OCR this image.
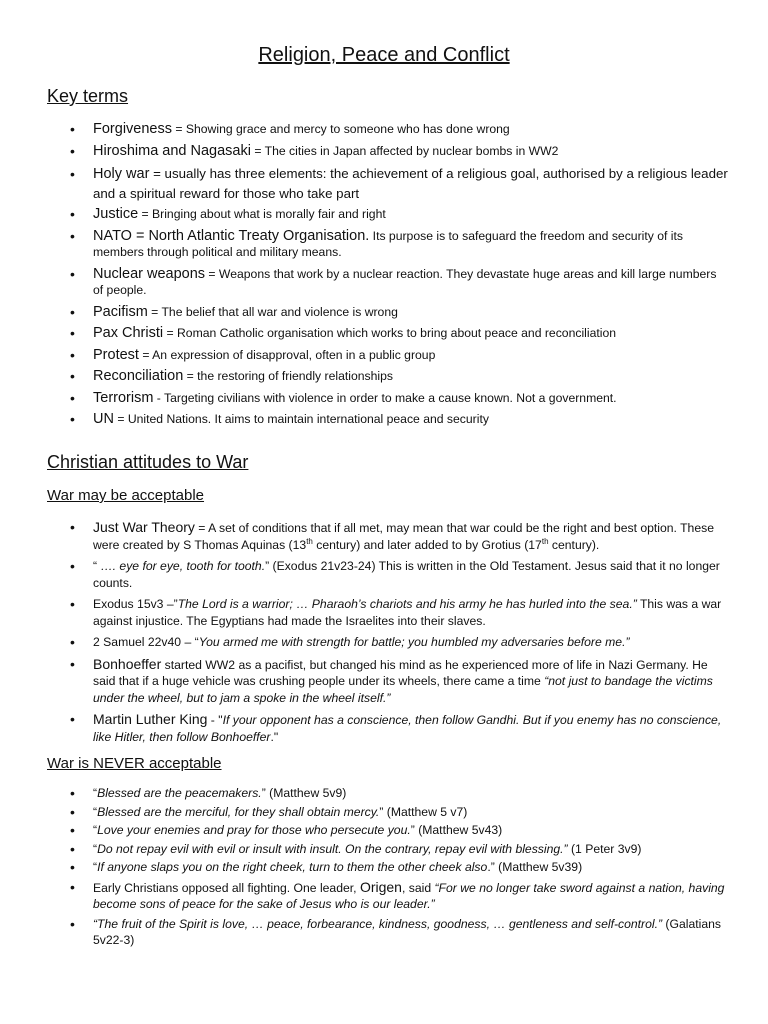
Religion, Peace and Conflict
Key terms
• Forgiveness = Showing grace and mercy to someone who has done wrong
• Hiroshima and Nagasaki = The cities in Japan affected by nuclear bombs in WW2
• Holy war = usually has three elements: the achievement of a religious goal, authorised by a religious leader and a spiritual reward for those who take part
• Justice = Bringing about what is morally fair and right
• NATO = North Atlantic Treaty Organisation. Its purpose is to safeguard the freedom and security of its members through political and military means.
• Nuclear weapons = Weapons that work by a nuclear reaction. They devastate huge areas and kill large numbers of people.
• Pacifism = The belief that all war and violence is wrong
• Pax Christi = Roman Catholic organisation which works to bring about peace and reconciliation
• Protest = An expression of disapproval, often in a public group
• Reconciliation = the restoring of friendly relationships
• Terrorism - Targeting civilians with violence in order to make a cause known. Not a government.
• UN = United Nations. It aims to maintain international peace and security
Christian attitudes to War
War may be acceptable
• Just War Theory = A set of conditions that if all met, may mean that war could be the right and best option. These were created by S Thomas Aquinas (13th century) and later added to by Grotius (17th century).
• “ …. eye for eye, tooth for tooth.” (Exodus 21v23-24) This is written in the Old Testament. Jesus said that it no longer counts.
• Exodus 15v3 –”The Lord is a warrior; … Pharaoh’s chariots and his army he has hurled into the sea.” This was a war against injustice. The Egyptians had made the Israelites into their slaves.
• 2 Samuel 22v40 – “You armed me with strength for battle; you humbled my adversaries before me.”
• Bonhoeffer started WW2 as a pacifist, but changed his mind as he experienced more of life in Nazi Germany. He said that if a huge vehicle was crushing people under its wheels, there came a time “not just to bandage the victims under the wheel, but to jam a spoke in the wheel itself.”
• Martin Luther King - "If your opponent has a conscience, then follow Gandhi. But if you enemy has no conscience, like Hitler, then follow Bonhoeffer."
War is NEVER acceptable
• “Blessed are the peacemakers.” (Matthew 5v9)
• “Blessed are the merciful, for they shall obtain mercy.” (Matthew 5 v7)
• “Love your enemies and pray for those who persecute you.” (Matthew 5v43)
• “Do not repay evil with evil or insult with insult. On the contrary, repay evil with blessing.” (1 Peter 3v9)
• “If anyone slaps you on the right cheek, turn to them the other cheek also.” (Matthew 5v39)
• Early Christians opposed all fighting. One leader, Origen, said “For we no longer take sword against a nation, having become sons of peace for the sake of Jesus who is our leader.”
• “The fruit of the Spirit is love, … peace, forbearance, kindness, goodness, … gentleness and self-control.” (Galatians 5v22-3)
